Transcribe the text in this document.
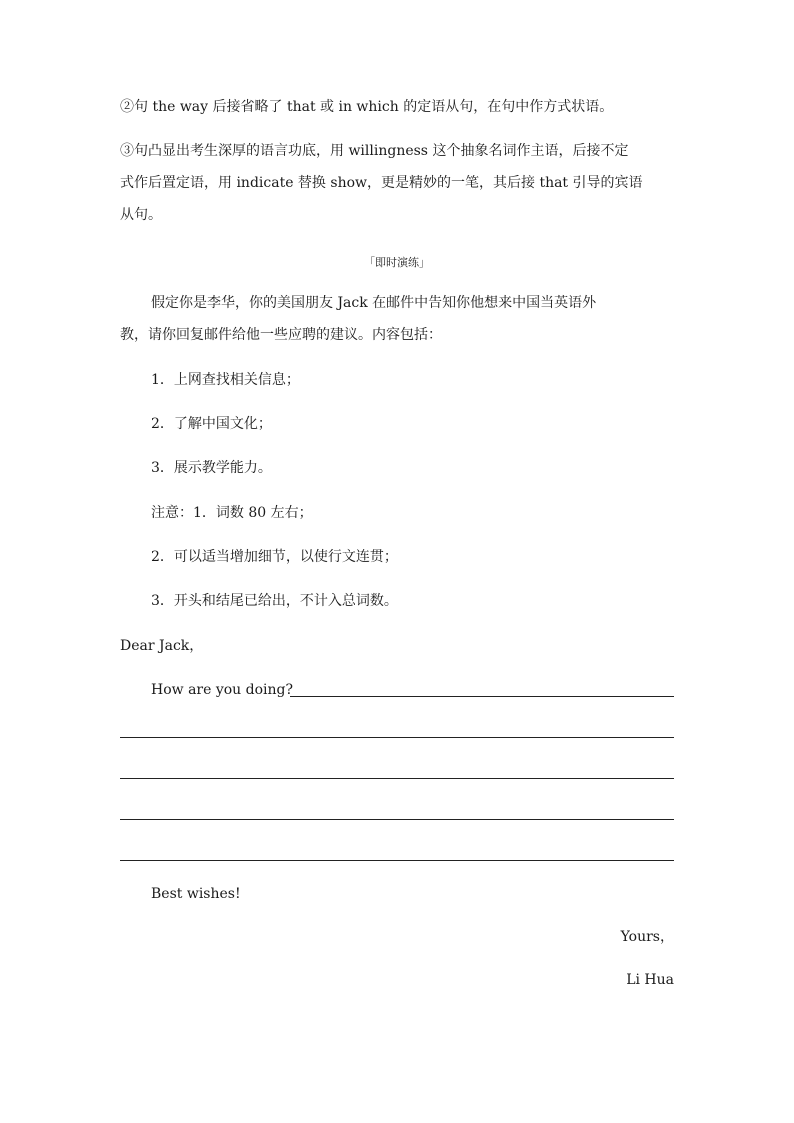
②句 the way 后接省略了 that 或 in which 的定语从句，在句中作方式状语。
③句凸显出考生深厚的语言功底，用 willingness 这个抽象名词作主语，后接不定
式作后置定语，用 indicate 替换 show，更是精妙的一笔，其后接 that 引导的宾语
从句。
「即时演练」
假定你是李华，你的美国朋友 Jack 在邮件中告知你他想来中国当英语外
教，请你回复邮件给他一些应聘的建议。内容包括：
1．上网查找相关信息；
2．了解中国文化；
3．展示教学能力。
注意：1．词数 80 左右；
2．可以适当增加细节，以使行文连贯；
3．开头和结尾已给出，不计入总词数。
Dear Jack，
How are you doing?
Best wishes!
Yours，
Li Hua
